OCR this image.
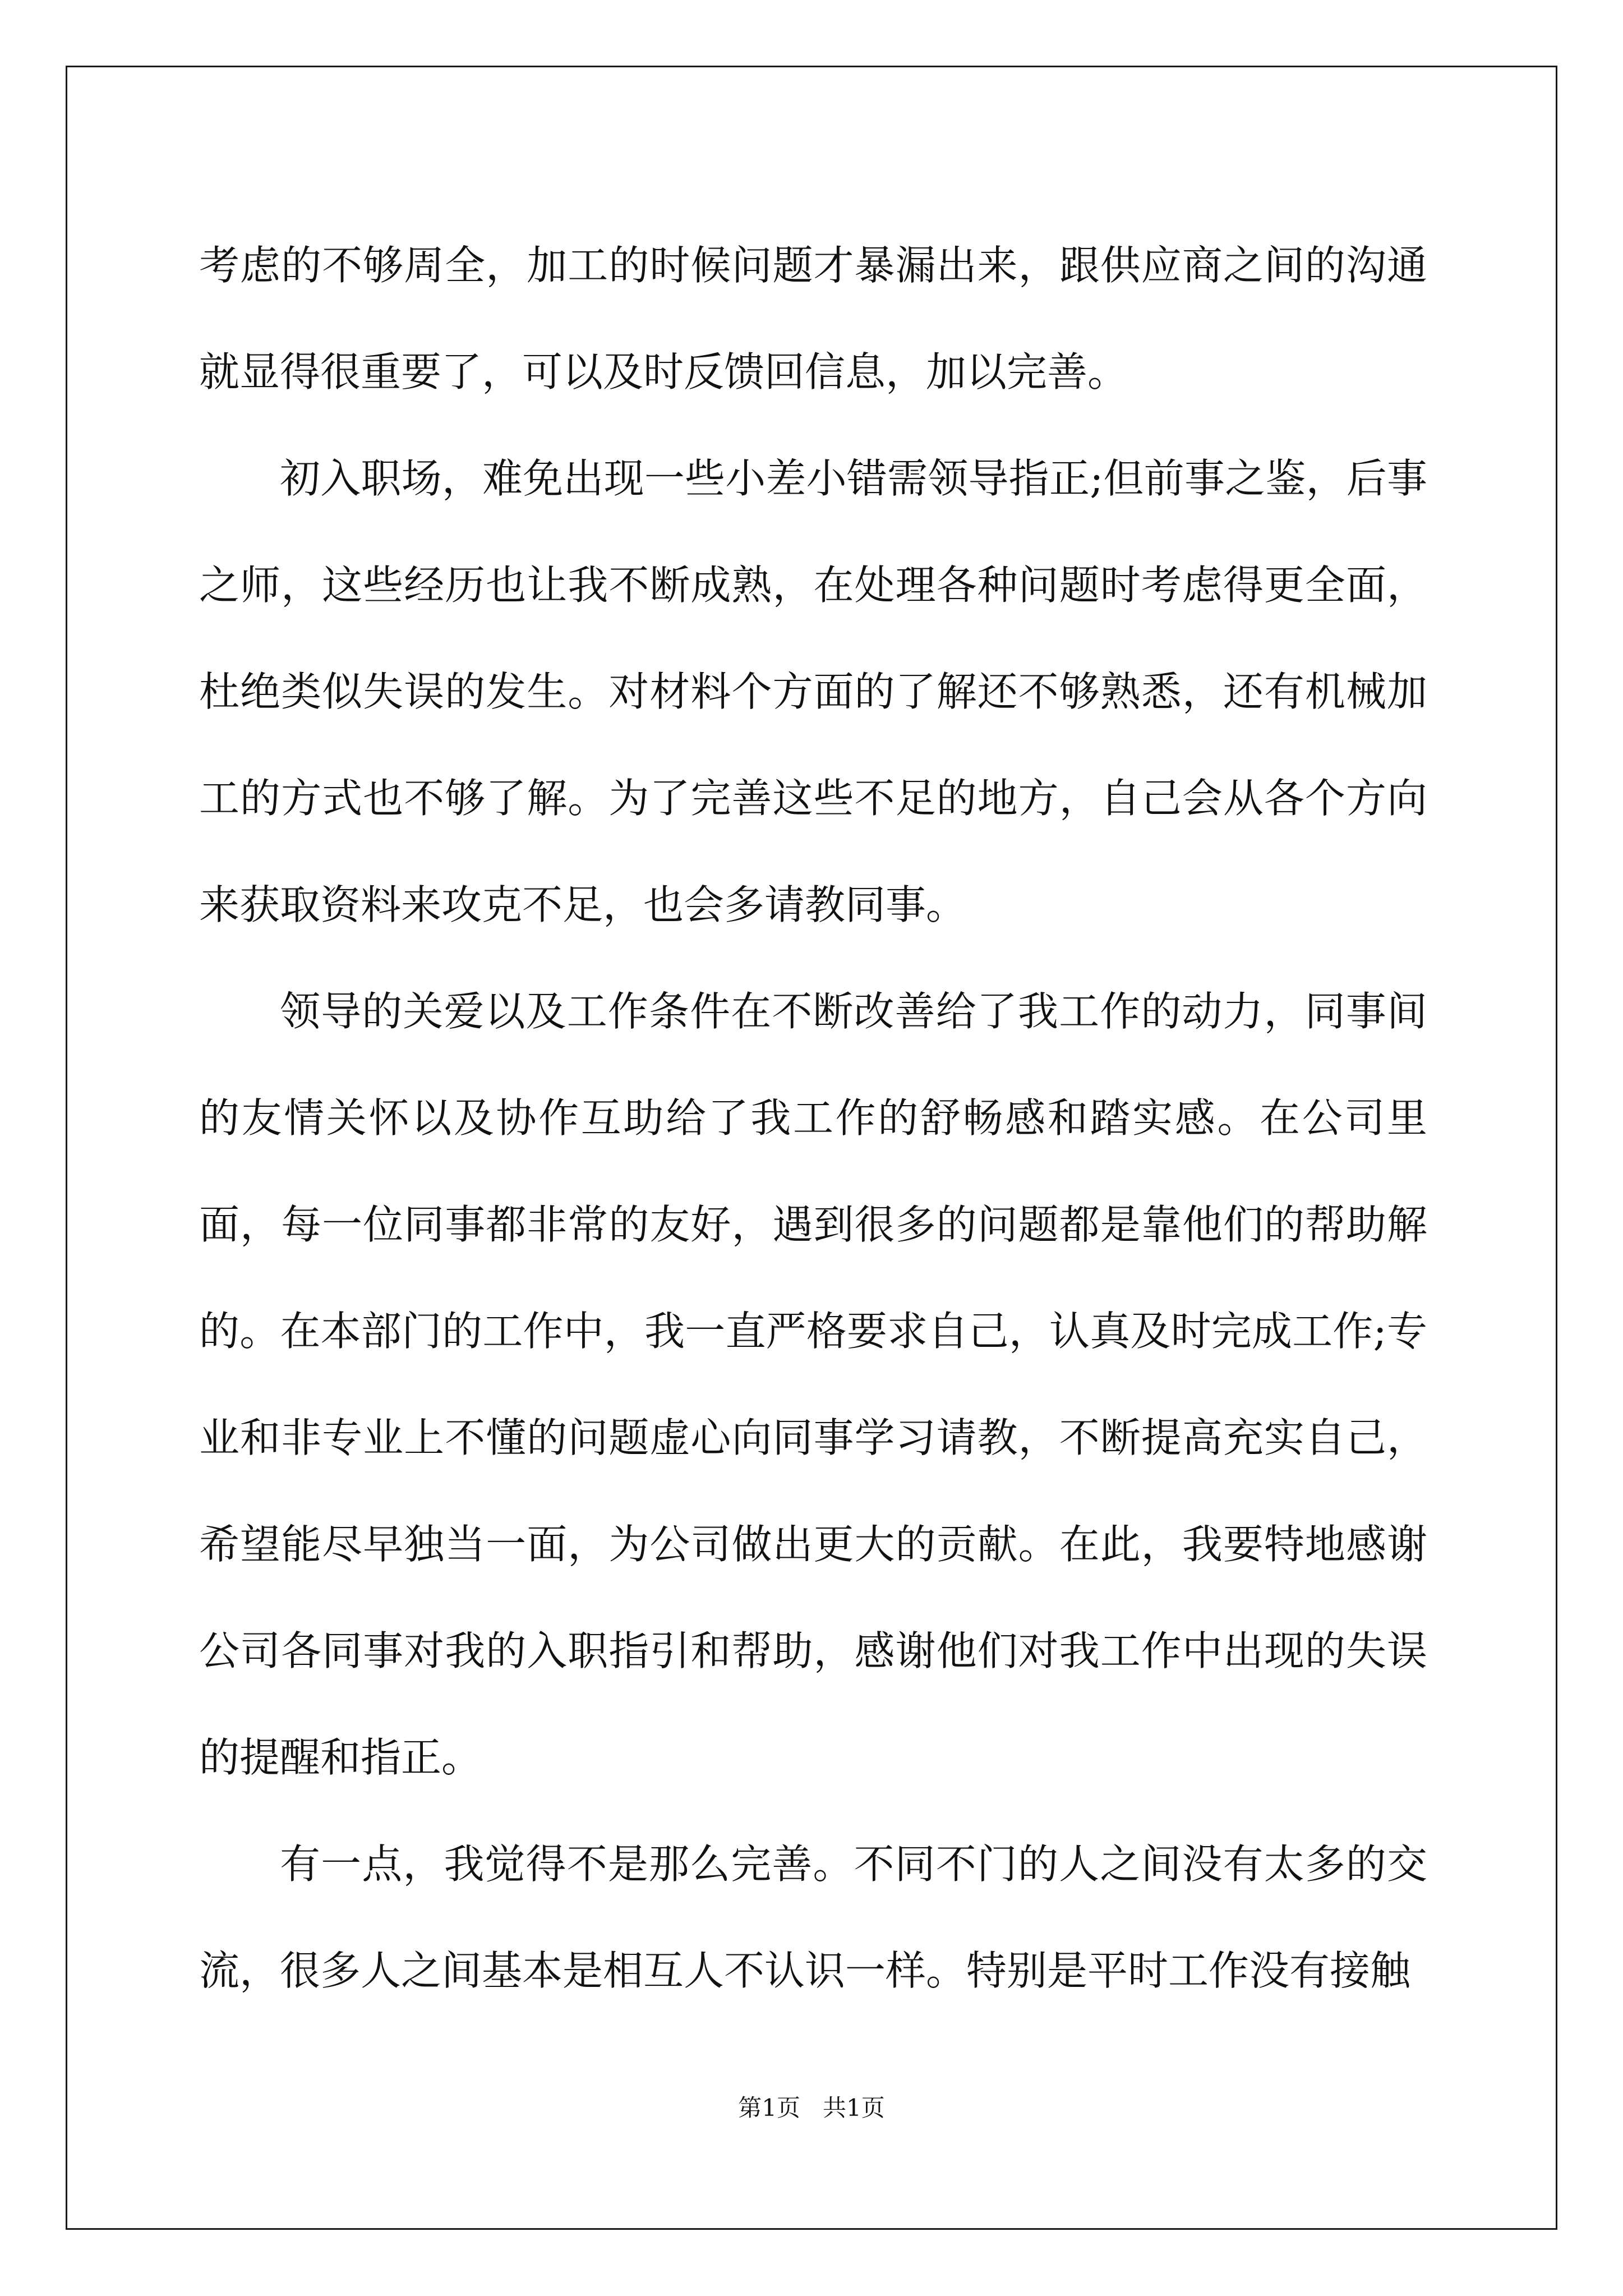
考虑的不够周全，加工的时候问题才暴漏出来，跟供应商之间的沟通就显得很重要了，可以及时反馈回信息，加以完善。

初入职场，难免出现一些小差小错需领导指正;但前事之鉴，后事之师，这些经历也让我不断成熟，在处理各种问题时考虑得更全面，杜绝类似失误的发生。对材料个方面的了解还不够熟悉，还有机械加工的方式也不够了解。为了完善这些不足的地方，自己会从各个方向来获取资料来攻克不足，也会多请教同事。

领导的关爱以及工作条件在不断改善给了我工作的动力，同事间的友情关怀以及协作互助给了我工作的舒畅感和踏实感。在公司里面，每一位同事都非常的友好，遇到很多的问题都是靠他们的帮助解的。在本部门的工作中，我一直严格要求自己，认真及时完成工作;专业和非专业上不懂的问题虚心向同事学习请教，不断提高充实自己，希望能尽早独当一面，为公司做出更大的贡献。在此，我要特地感谢公司各同事对我的入职指引和帮助，感谢他们对我工作中出现的失误的提醒和指正。

有一点，我觉得不是那么完善。不同不门的人之间没有太多的交流，很多人之间基本是相互人不认识一样。特别是平时工作没有接触

第1页   共1页
